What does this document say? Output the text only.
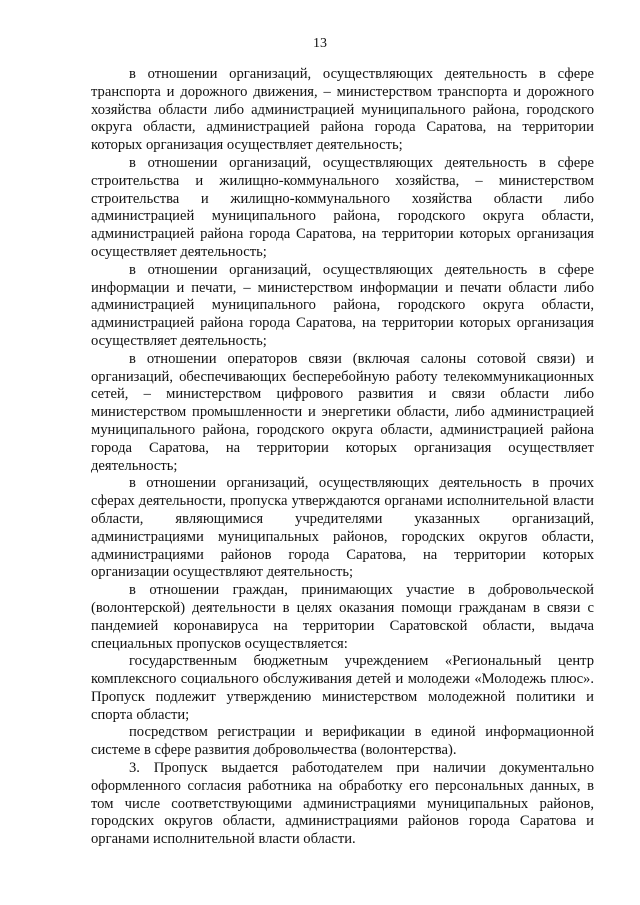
13

в отношении организаций, осуществляющих деятельность в сфере транспорта и дорожного движения, – министерством транспорта и дорожного хозяйства области либо администрацией муниципального района, городского округа области, администрацией района города Саратова, на территории которых организация осуществляет деятельность;

в отношении организаций, осуществляющих деятельность в сфере строительства и жилищно-коммунального хозяйства, – министерством строительства и жилищно-коммунального хозяйства области либо администрацией муниципального района, городского округа области, администрацией района города Саратова, на территории которых организация осуществляет деятельность;

в отношении организаций, осуществляющих деятельность в сфере информации и печати, – министерством информации и печати области либо администрацией муниципального района, городского округа области, администрацией района города Саратова, на территории которых организация осуществляет деятельность;

в отношении операторов связи (включая салоны сотовой связи) и организаций, обеспечивающих бесперебойную работу телекоммуникационных сетей, – министерством цифрового развития и связи области либо министерством промышленности и энергетики области, либо администрацией муниципального района, городского округа области, администрацией района города Саратова, на территории которых организация осуществляет деятельность;

в отношении организаций, осуществляющих деятельность в прочих сферах деятельности, пропуска утверждаются органами исполнительной власти области, являющимися учредителями указанных организаций, администрациями муниципальных районов, городских округов области, администрациями районов города Саратова, на территории которых организации осуществляют деятельность;

в отношении граждан, принимающих участие в добровольческой (волонтерской) деятельности в целях оказания помощи гражданам в связи с пандемией коронавируса на территории Саратовской области, выдача специальных пропусков осуществляется:

государственным бюджетным учреждением «Региональный центр комплексного социального обслуживания детей и молодежи «Молодежь плюс». Пропуск подлежит утверждению министерством молодежной политики и спорта области;

посредством регистрации и верификации в единой информационной системе в сфере развития добровольчества (волонтерства).

3. Пропуск выдается работодателем при наличии документально оформленного согласия работника на обработку его персональных данных, в том числе соответствующими администрациями муниципальных районов, городских округов области, администрациями районов города Саратова и органами исполнительной власти области.
